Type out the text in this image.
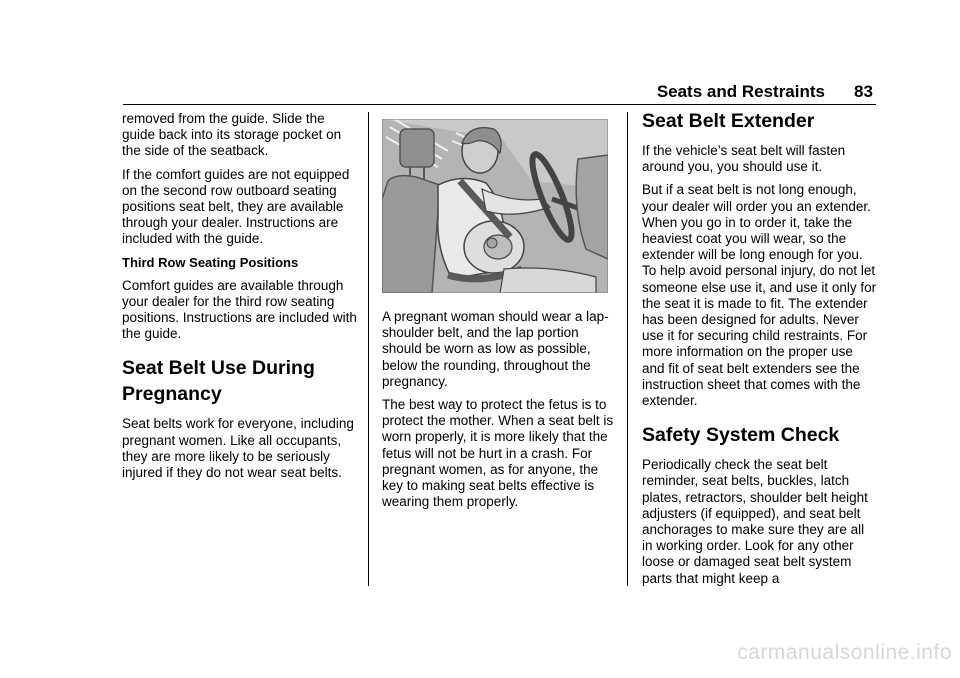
Seats and Restraints 83

removed from the guide. Slide the guide back into its storage pocket on the side of the seatback.

If the comfort guides are not equipped on the second row outboard seating positions seat belt, they are available through your dealer. Instructions are included with the guide.

Third Row Seating Positions

Comfort guides are available through your dealer for the third row seating positions. Instructions are included with the guide.

Seat Belt Use During Pregnancy

Seat belts work for everyone, including pregnant women. Like all occupants, they are more likely to be seriously injured if they do not wear seat belts.

A pregnant woman should wear a lap-shoulder belt, and the lap portion should be worn as low as possible, below the rounding, throughout the pregnancy.

The best way to protect the fetus is to protect the mother. When a seat belt is worn properly, it is more likely that the fetus will not be hurt in a crash. For pregnant women, as for anyone, the key to making seat belts effective is wearing them properly.

Seat Belt Extender

If the vehicle’s seat belt will fasten around you, you should use it.

But if a seat belt is not long enough, your dealer will order you an extender. When you go in to order it, take the heaviest coat you will wear, so the extender will be long enough for you. To help avoid personal injury, do not let someone else use it, and use it only for the seat it is made to fit. The extender has been designed for adults. Never use it for securing child restraints. For more information on the proper use and fit of seat belt extenders see the instruction sheet that comes with the extender.

Safety System Check

Periodically check the seat belt reminder, seat belts, buckles, latch plates, retractors, shoulder belt height adjusters (if equipped), and seat belt anchorages to make sure they are all in working order. Look for any other loose or damaged seat belt system parts that might keep a

carmanualsonline.info
